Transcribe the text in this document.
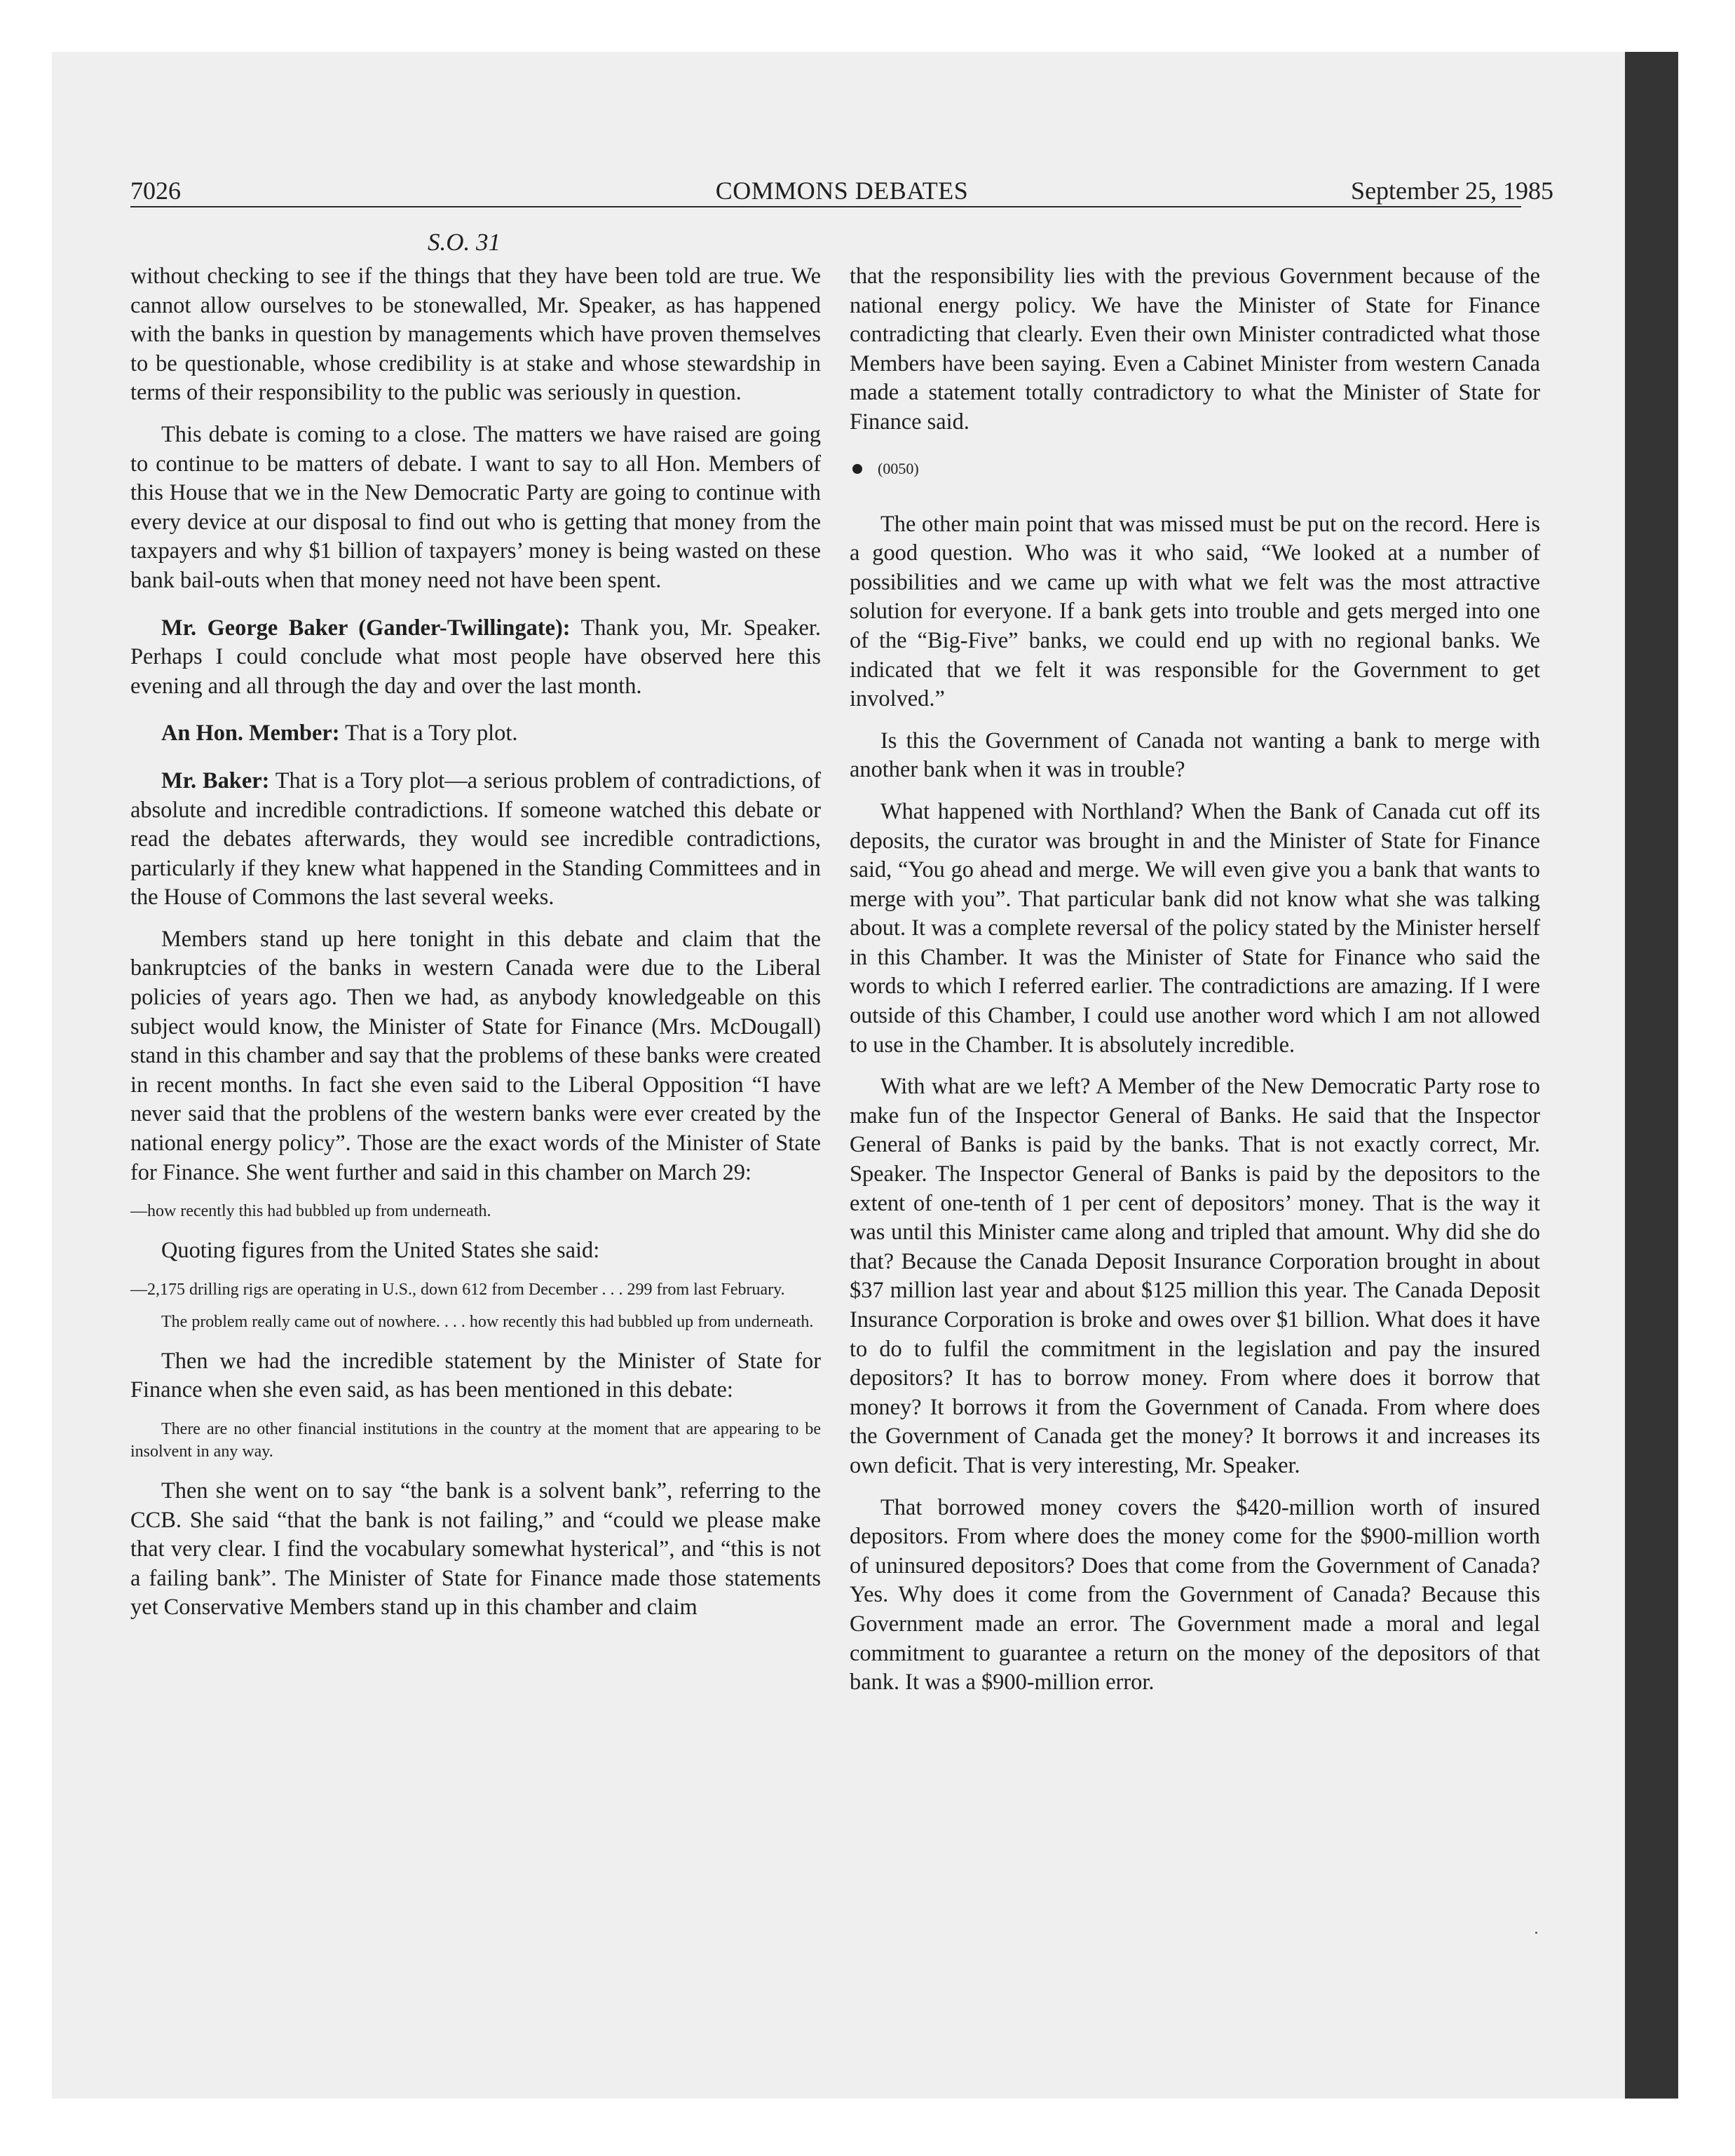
7026	COMMONS DEBATES	September 25, 1985
S.O. 31

without checking to see if the things that they have been told are true. We cannot allow ourselves to be stonewalled, Mr. Speaker, as has happened with the banks in question by managements which have proven themselves to be questionable, whose credibility is at stake and whose stewardship in terms of their responsibility to the public was seriously in question.

This debate is coming to a close. The matters we have raised are going to continue to be matters of debate. I want to say to all Hon. Members of this House that we in the New Democratic Party are going to continue with every device at our disposal to find out who is getting that money from the taxpayers and why $1 billion of taxpayers’ money is being wasted on these bank bail-outs when that money need not have been spent.

Mr. George Baker (Gander-Twillingate): Thank you, Mr. Speaker. Perhaps I could conclude what most people have observed here this evening and all through the day and over the last month.

An Hon. Member: That is a Tory plot.

Mr. Baker: That is a Tory plot—a serious problem of contradictions, of absolute and incredible contradictions. If someone watched this debate or read the debates afterwards, they would see incredible contradictions, particularly if they knew what happened in the Standing Committees and in the House of Commons the last several weeks.

Members stand up here tonight in this debate and claim that the bankruptcies of the banks in western Canada were due to the Liberal policies of years ago. Then we had, as anybody knowledgeable on this subject would know, the Minister of State for Finance (Mrs. McDougall) stand in this chamber and say that the problems of these banks were created in recent months. In fact she even said to the Liberal Opposition “I have never said that the problens of the western banks were ever created by the national energy policy”. Those are the exact words of the Minister of State for Finance. She went further and said in this chamber on March 29:

—how recently this had bubbled up from underneath.

Quoting figures from the United States she said:

—2,175 drilling rigs are operating in U.S., down 612 from December . . . 299 from last February.

The problem really came out of nowhere. . . . how recently this had bubbled up from underneath.

Then we had the incredible statement by the Minister of State for Finance when she even said, as has been mentioned in this debate:

There are no other financial institutions in the country at the moment that are appearing to be insolvent in any way.

Then she went on to say “the bank is a solvent bank”, referring to the CCB. She said “that the bank is not failing,” and “could we please make that very clear. I find the vocabulary somewhat hysterical”, and “this is not a failing bank”. The Minister of State for Finance made those statements yet Conservative Members stand up in this chamber and claim

that the responsibility lies with the previous Government because of the national energy policy. We have the Minister of State for Finance contradicting that clearly. Even their own Minister contradicted what those Members have been saying. Even a Cabinet Minister from western Canada made a statement totally contradictory to what the Minister of State for Finance said.

(0050)

The other main point that was missed must be put on the record. Here is a good question. Who was it who said, “We looked at a number of possibilities and we came up with what we felt was the most attractive solution for everyone. If a bank gets into trouble and gets merged into one of the “Big-Five” banks, we could end up with no regional banks. We indicated that we felt it was responsible for the Government to get involved.”

Is this the Government of Canada not wanting a bank to merge with another bank when it was in trouble?

What happened with Northland? When the Bank of Canada cut off its deposits, the curator was brought in and the Minister of State for Finance said, “You go ahead and merge. We will even give you a bank that wants to merge with you”. That particular bank did not know what she was talking about. It was a complete reversal of the policy stated by the Minister herself in this Chamber. It was the Minister of State for Finance who said the words to which I referred earlier. The contradictions are amazing. If I were outside of this Chamber, I could use another word which I am not allowed to use in the Chamber. It is absolutely incredible.

With what are we left? A Member of the New Democratic Party rose to make fun of the Inspector General of Banks. He said that the Inspector General of Banks is paid by the banks. That is not exactly correct, Mr. Speaker. The Inspector General of Banks is paid by the depositors to the extent of one-tenth of 1 per cent of depositors’ money. That is the way it was until this Minister came along and tripled that amount. Why did she do that? Because the Canada Deposit Insurance Corporation brought in about $37 million last year and about $125 million this year. The Canada Deposit Insurance Corporation is broke and owes over $1 billion. What does it have to do to fulfil the commitment in the legislation and pay the insured depositors? It has to borrow money. From where does it borrow that money? It borrows it from the Government of Canada. From where does the Government of Canada get the money? It borrows it and increases its own deficit. That is very interesting, Mr. Speaker.

That borrowed money covers the $420-million worth of insured depositors. From where does the money come for the $900-million worth of uninsured depositors? Does that come from the Government of Canada? Yes. Why does it come from the Government of Canada? Because this Government made an error. The Government made a moral and legal commitment to guarantee a return on the money of the depositors of that bank. It was a $900-million error.
